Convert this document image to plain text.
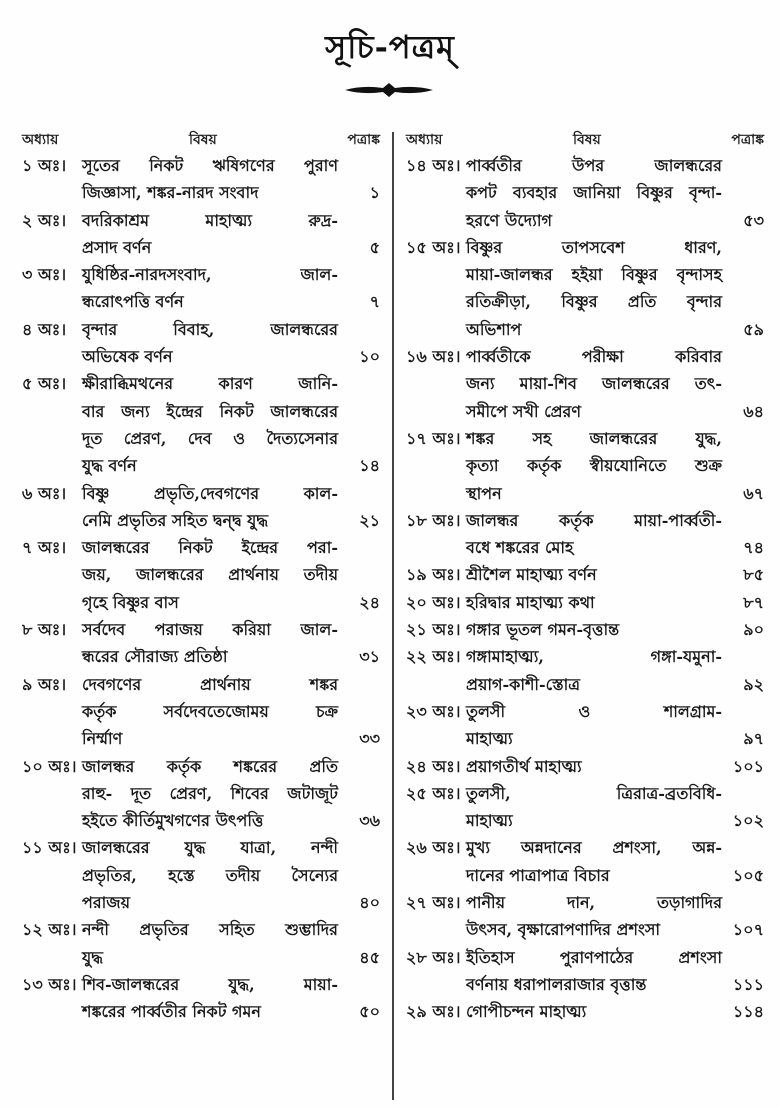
সূচি-পত্রম্
অধ্যায়	বিষয়	পত্রাঙ্ক
১ অঃ। সূতের নিকট ঋষিগণের পুরাণ
জিজ্ঞাসা, শঙ্কর-নারদ সংবাদ	১
২ অঃ। বদরিকাশ্রম মাহাত্ম্য রুদ্র-
প্রসাদ বর্ণন	৫
৩ অঃ। যুধিষ্ঠির-নারদসংবাদ, জাল-
ন্ধরোৎপত্তি বর্ণন	৭
৪ অঃ। বৃন্দার বিবাহ, জালন্ধরের
অভিষেক বর্ণন	১০
৫ অঃ। ক্ষীরাব্ধিমথনের কারণ জানি-
বার জন্য ইন্দ্রের নিকট জালন্ধরের
দূত প্রেরণ, দেব ও দৈত্যসেনার
যুদ্ধ বর্ণন	১৪
৬ অঃ। বিষ্ণু প্রভৃতি,দেবগণের কাল-
নেমি প্রভৃতির সহিত দ্বন্দ্ব যুদ্ধ	২১
৭ অঃ। জালন্ধরের নিকট ইন্দ্রের পরা-
জয়, জালন্ধরের প্রার্থনায় তদীয়
গৃহে বিষ্ণুর বাস	২৪
৮ অঃ। সর্বদেব পরাজয় করিয়া জাল-
ন্ধরের সৌরাজ্য প্রতিষ্ঠা	৩১
৯ অঃ। দেবগণের প্রার্থনায় শঙ্কর
কর্তৃক সর্বদেবতেজোময় চক্র
নির্ম্মাণ	৩৩
১০ অঃ। জালন্ধর কর্তৃক শঙ্করের প্রতি
রাহু- দূত প্রেরণ, শিবের জটাজূট
হইতে কীর্তিমুখগণের উৎপত্তি	৩৬
১১ অঃ। জালন্ধরের যুদ্ধ যাত্রা, নন্দী
প্রভৃতির, হস্তে তদীয় সৈন্যের
পরাজয়	৪০
১২ অঃ। নন্দী প্রভৃতির সহিত শুম্ভাদির
যুদ্ধ	৪৫
১৩ অঃ। শিব-জালন্ধরের যুদ্ধ, মায়া-
শঙ্করের পার্ব্বতীর নিকট গমন	৫০
অধ্যায়	বিষয়	পত্রাঙ্ক
১৪ অঃ। পার্ব্বতীর উপর জালন্ধরের
কপট ব্যবহার জানিয়া বিষ্ণুর বৃন্দা-
হরণে উদ্যোগ	৫৩
১৫ অঃ। বিষ্ণুর তাপসবেশ ধারণ,
মায়া-জালন্ধর হইয়া বিষ্ণুর বৃন্দাসহ
রতিক্রীড়া, বিষ্ণুর প্রতি বৃন্দার
অভিশাপ	৫৯
১৬ অঃ। পার্ব্বতীকে পরীক্ষা করিবার
জন্য মায়া-শিব জালন্ধরের তৎ-
সমীপে সখী প্রেরণ	৬৪
১৭ অঃ। শঙ্কর সহ জালন্ধরের যুদ্ধ,
কৃত্যা কর্তৃক স্বীয়যোনিতে শুক্র
স্থাপন	৬৭
১৮ অঃ। জালন্ধর কর্তৃক মায়া-পার্ব্বতী-
বধে শঙ্করের মোহ	৭৪
১৯ অঃ। শ্রীশৈল মাহাত্ম্য বর্ণন	৮৫
২০ অঃ। হরিদ্বার মাহাত্ম্য কথা	৮৭
২১ অঃ। গঙ্গার ভূতল গমন-বৃত্তান্ত	৯০
২২ অঃ। গঙ্গামাহাত্ম্য, গঙ্গা-যমুনা-
প্রয়াগ-কাশী-স্তোত্র	৯২
২৩ অঃ। তুলসী ও শালগ্রাম-
মাহাত্ম্য	৯৭
২৪ অঃ। প্রয়াগতীর্থ মাহাত্ম্য	১০১
২৫ অঃ। তুলসী, ত্রিরাত্র-ব্রতবিধি-
মাহাত্ম্য	১০২
২৬ অঃ। মুখ্য অন্নদানের প্রশংসা, অন্ন-
দানের পাত্রাপাত্র বিচার	১০৫
২৭ অঃ। পানীয় দান, তড়াগাদির
উৎসব, বৃক্ষারোপণাদির প্রশংসা	১০৭
২৮ অঃ। ইতিহাস পুরাণপাঠের প্রশংসা
বর্ণনায় ধরাপালরাজার বৃত্তান্ত	১১১
২৯ অঃ। গোপীচন্দন মাহাত্ম্য	১১৪
